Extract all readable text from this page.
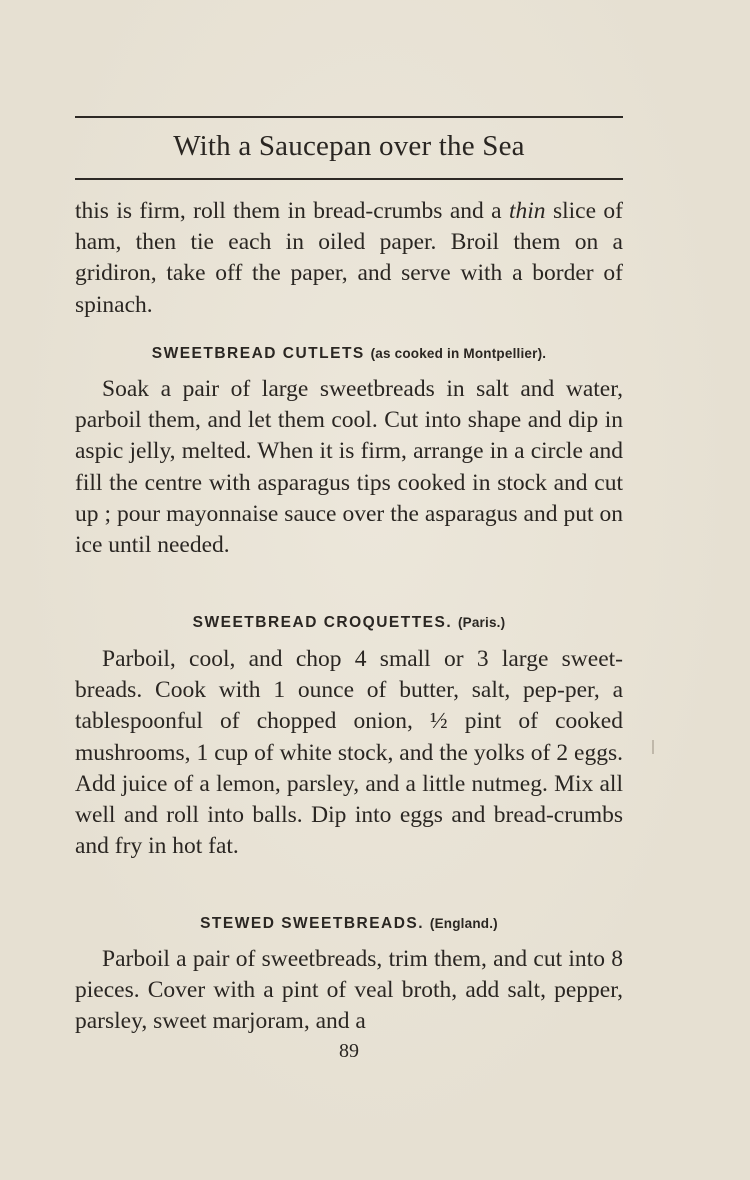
With a Saucepan over the Sea

this is firm, roll them in bread-crumbs and a thin slice of ham, then tie each in oiled paper. Broil them on a gridiron, take off the paper, and serve with a border of spinach.

SWEETBREAD CUTLETS (as cooked in Montpellier).

Soak a pair of large sweetbreads in salt and water, parboil them, and let them cool. Cut into shape and dip in aspic jelly, melted. When it is firm, arrange in a circle and fill the centre with asparagus tips cooked in stock and cut up ; pour mayonnaise sauce over the asparagus and put on ice until needed.

SWEETBREAD CROQUETTES. (Paris.)

Parboil, cool, and chop 4 small or 3 large sweet-breads. Cook with 1 ounce of butter, salt, pep-per, a tablespoonful of chopped onion, ½ pint of cooked mushrooms, 1 cup of white stock, and the yolks of 2 eggs. Add juice of a lemon, parsley, and a little nutmeg. Mix all well and roll into balls. Dip into eggs and bread-crumbs and fry in hot fat.

STEWED SWEETBREADS. (England.)

Parboil a pair of sweetbreads, trim them, and cut into 8 pieces. Cover with a pint of veal broth, add salt, pepper, parsley, sweet marjoram, and a

89
